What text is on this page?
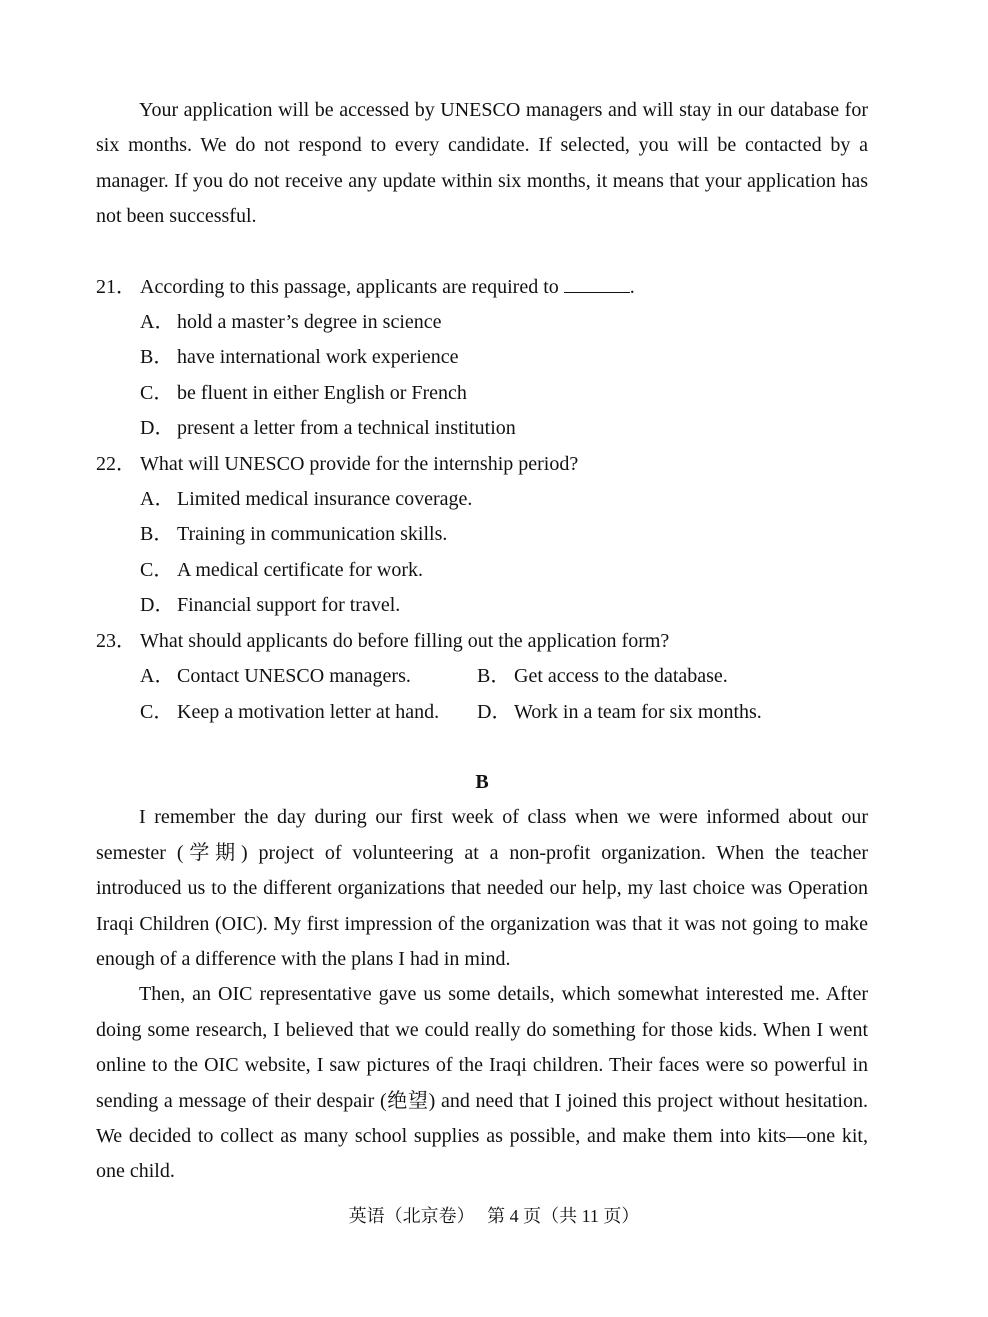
Your application will be accessed by UNESCO managers and will stay in our database for six months. We do not respond to every candidate. If selected, you will be contacted by a manager. If you do not receive any update within six months, it means that your application has not been successful.

21． According to this passage, applicants are required to	.
A． hold a master’s degree in science
B． have international work experience
C． be fluent in either English or French
D． present a letter from a technical institution
22． What will UNESCO provide for the internship period?
A． Limited medical insurance coverage.
B． Training in communication skills.
C． A medical certificate for work.
D． Financial support for travel.
23． What should applicants do before filling out the application form?
A． Contact UNESCO managers.	B． Get access to the database.
C． Keep a motivation letter at hand.	D． Work in a team for six months.
B

I remember the day during our first week of class when we were informed about our semester (学期) project of volunteering at a non-profit organization. When the teacher introduced us to the different organizations that needed our help, my last choice was Operation Iraqi Children (OIC). My first impression of the organization was that it was not going to make enough of a difference with the plans I had in mind.

Then, an OIC representative gave us some details, which somewhat interested me. After doing some research, I believed that we could really do something for those kids. When I went online to the OIC website, I saw pictures of the Iraqi children. Their faces were so powerful in sending a message of their despair (绝望) and need that I joined this project without hesitation. We decided to collect as many school supplies as possible, and make them into kits—one kit, one child.

英语（北京卷） 第 4 页（共 11 页）
